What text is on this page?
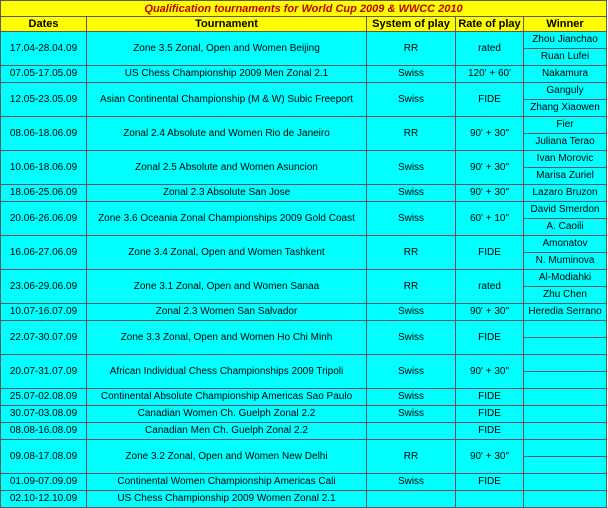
Qualification tournaments for World Cup 2009 & WWCC 2010				
Dates	Tournament	System of play	Rate of play	Winner
17.04-28.04.09	Zone 3.5 Zonal, Open and Women Beijing	RR	rated	Zhou Jianchao
				Ruan Lufei
07.05-17.05.09	US Chess Championship 2009 Men Zonal 2.1	Swiss	120' + 60'	Nakamura
12.05-23.05.09	Asian Continental Championship (M & W) Subic Freeport	Swiss	FIDE	Ganguly
				Zhang Xiaowen
08.06-18.06.09	Zonal 2.4 Absolute and Women Rio de Janeiro	RR	90' + 30"	Fier
				Juliana Terao
10.06-18.06.09	Zonal 2.5 Absolute and Women Asuncion	Swiss	90' + 30"	Ivan Morovic
				Marisa Zuriel
18.06-25.06.09	Zonal 2.3 Absolute San Jose	Swiss	90' + 30"	Lazaro Bruzon
20.06-26.06.09	Zone 3.6 Oceania Zonal Championships 2009 Gold Coast	Swiss	60' + 10"	David Smerdon
				A. Caoili
16.06-27.06.09	Zone 3.4 Zonal, Open and Women Tashkent	RR	FIDE	Amonatov
				N. Muminova
23.06-29.06.09	Zone 3.1 Zonal, Open and Women Sanaa	RR	rated	Al-Modiahki
				Zhu Chen
10.07-16.07.09	Zonal 2.3 Women San Salvador	Swiss	90' + 30"	Heredia Serrano
22.07-30.07.09	Zone 3.3 Zonal, Open and Women Ho Chi Minh	Swiss	FIDE	

20.07-31.07.09	African Individual Chess Championships 2009 Tripoli	Swiss	90' + 30"	

25.07-02.08.09	Continental Absolute Championship Americas Sao Paulo	Swiss	FIDE	
30.07-03.08.09	Canadian Women Ch. Guelph Zonal 2.2	Swiss	FIDE	
08.08-16.08.09	Canadian Men Ch. Guelph Zonal 2.2		FIDE	
09.08-17.08.09	Zone 3.2 Zonal, Open and Women New Delhi	RR	90' + 30"	

01.09-07.09.09	Continental Women Championship Americas Cali	Swiss	FIDE	
02.10-12.10.09	US Chess Championship 2009 Women Zonal 2.1			
